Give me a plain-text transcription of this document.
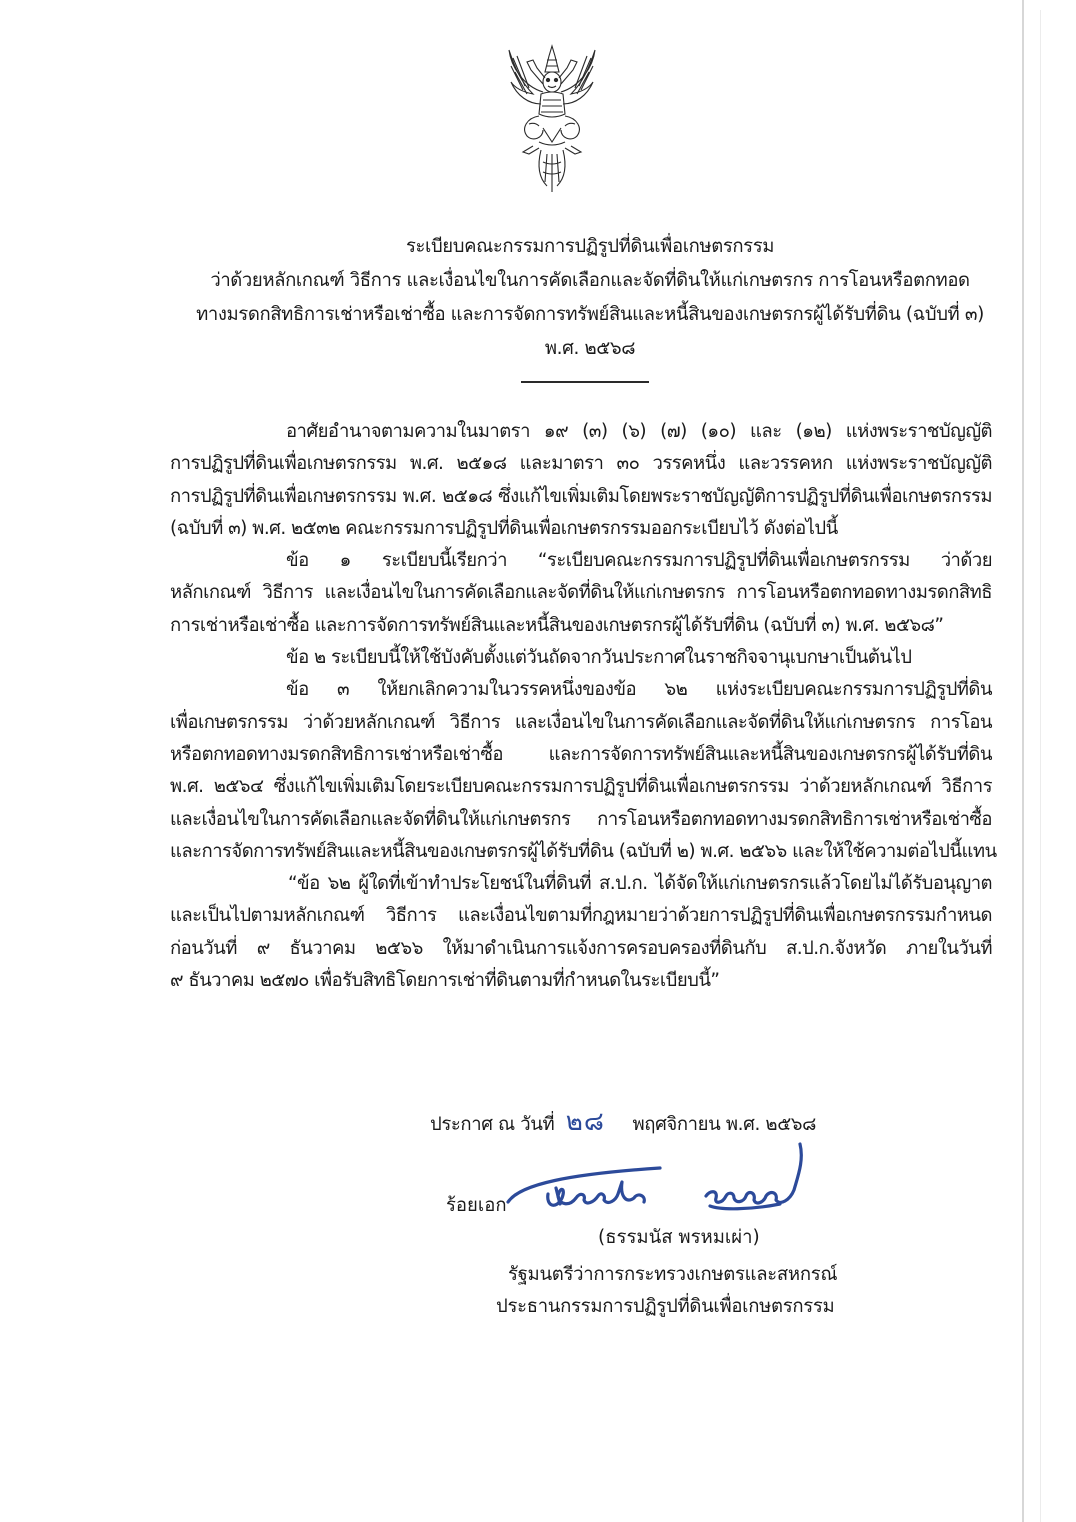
ระเบียบคณะกรรมการปฏิรูปที่ดินเพื่อเกษตรกรรม
ว่าด้วยหลักเกณฑ์ วิธีการ และเงื่อนไขในการคัดเลือกและจัดที่ดินให้แก่เกษตรกร การโอนหรือตกทอด
ทางมรดกสิทธิการเช่าหรือเช่าซื้อ และการจัดการทรัพย์สินและหนี้สินของเกษตรกรผู้ได้รับที่ดิน (ฉบับที่ ๓)
พ.ศ. ๒๕๖๘
อาศัยอำนาจตามความในมาตรา ๑๙ (๓) (๖) (๗) (๑๐) และ (๑๒) แห่งพระราชบัญญัติ
การปฏิรูปที่ดินเพื่อเกษตรกรรม พ.ศ. ๒๕๑๘ และมาตรา ๓๐ วรรคหนึ่ง และวรรคหก แห่งพระราชบัญญัติ
การปฏิรูปที่ดินเพื่อเกษตรกรรม พ.ศ. ๒๕๑๘ ซึ่งแก้ไขเพิ่มเติมโดยพระราชบัญญัติการปฏิรูปที่ดินเพื่อเกษตรกรรม
(ฉบับที่ ๓) พ.ศ. ๒๕๓๒ คณะกรรมการปฏิรูปที่ดินเพื่อเกษตรกรรมออกระเบียบไว้ ดังต่อไปนี้
ข้อ ๑ ระเบียบนี้เรียกว่า “ระเบียบคณะกรรมการปฏิรูปที่ดินเพื่อเกษตรกรรม ว่าด้วย
หลักเกณฑ์ วิธีการ และเงื่อนไขในการคัดเลือกและจัดที่ดินให้แก่เกษตรกร การโอนหรือตกทอดทางมรดกสิทธิ
การเช่าหรือเช่าซื้อ และการจัดการทรัพย์สินและหนี้สินของเกษตรกรผู้ได้รับที่ดิน (ฉบับที่ ๓) พ.ศ. ๒๕๖๘”
ข้อ ๒ ระเบียบนี้ให้ใช้บังคับตั้งแต่วันถัดจากวันประกาศในราชกิจจานุเบกษาเป็นต้นไป
ข้อ ๓ ให้ยกเลิกความในวรรคหนึ่งของข้อ ๖๒ แห่งระเบียบคณะกรรมการปฏิรูปที่ดิน
เพื่อเกษตรกรรม ว่าด้วยหลักเกณฑ์ วิธีการ และเงื่อนไขในการคัดเลือกและจัดที่ดินให้แก่เกษตรกร การโอน
หรือตกทอดทางมรดกสิทธิการเช่าหรือเช่าซื้อ และการจัดการทรัพย์สินและหนี้สินของเกษตรกรผู้ได้รับที่ดิน
พ.ศ. ๒๕๖๔ ซึ่งแก้ไขเพิ่มเติมโดยระเบียบคณะกรรมการปฏิรูปที่ดินเพื่อเกษตรกรรม ว่าด้วยหลักเกณฑ์ วิธีการ
และเงื่อนไขในการคัดเลือกและจัดที่ดินให้แก่เกษตรกร การโอนหรือตกทอดทางมรดกสิทธิการเช่าหรือเช่าซื้อ
และการจัดการทรัพย์สินและหนี้สินของเกษตรกรผู้ได้รับที่ดิน (ฉบับที่ ๒) พ.ศ. ๒๕๖๖ และให้ใช้ความต่อไปนี้แทน
“ข้อ ๖๒ ผู้ใดที่เข้าทำประโยชน์ในที่ดินที่ ส.ป.ก. ได้จัดให้แก่เกษตรกรแล้วโดยไม่ได้รับอนุญาต
และเป็นไปตามหลักเกณฑ์ วิธีการ และเงื่อนไขตามที่กฎหมายว่าด้วยการปฏิรูปที่ดินเพื่อเกษตรกรรมกำหนด
ก่อนวันที่ ๙ ธันวาคม ๒๕๖๖ ให้มาดำเนินการแจ้งการครอบครองที่ดินกับ ส.ป.ก.จังหวัด ภายในวันที่
๙ ธันวาคม ๒๕๗๐ เพื่อรับสิทธิโดยการเช่าที่ดินตามที่กำหนดในระเบียบนี้”
ประกาศ ณ วันที่ ๒๘ พฤศจิกายน พ.ศ. ๒๕๖๘
ร้อยเอก
(ธรรมนัส พรหมเผ่า)
รัฐมนตรีว่าการกระทรวงเกษตรและสหกรณ์
ประธานกรรมการปฏิรูปที่ดินเพื่อเกษตรกรรม
